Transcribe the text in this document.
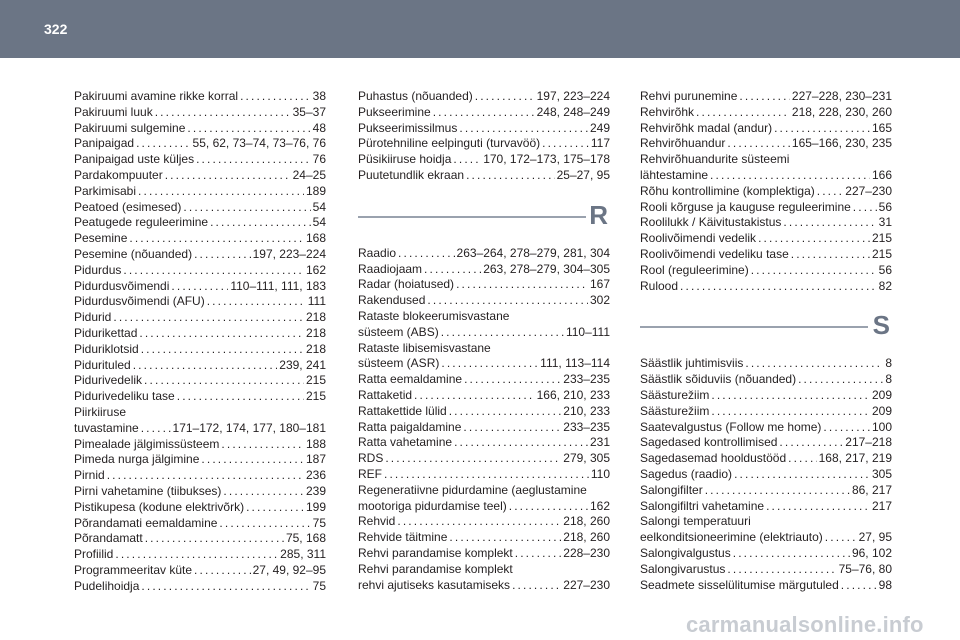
322
Pakiruumi avamine rikke korral . . .	38
Pakiruumi luuk . . .	35–37
Pakiruumi sulgemine . . .	48
Panipaigad . . .	55, 62, 73–74, 73–76, 76
Panipaigad uste küljes . . .	76
Pardakompuuter . . .	24–25
Parkimisabi . . .	189
Peatoed (esimesed) . . .	54
Peatugede reguleerimine . . .	54
Pesemine . . .	168
Pesemine (nõuanded) . . .	197, 223–224
Pidurdus . . .	162
Pidurdusvõimendi . . .	110–111, 111, 183
Pidurdusvõimendi (AFU) . . .	111
Pidurid . . .	218
Pidurikettad . . .	218
Piduriklotsid . . .	218
Pidurituled . . .	239, 241
Pidurivedelik . . .	215
Pidurivedeliku tase . . .	215
Piirkiiruse
tuvastamine . . .	171–172, 174, 177, 180–181
Pimealade jälgimissüsteem . . .	188
Pimeda nurga jälgimine . . .	187
Pirnid . . .	236
Pirni vahetamine (tiibukses) . . .	239
Pistikupesa (kodune elektrivõrk) . . .	199
Põrandamati eemaldamine . . .	75
Põrandamatt . . .	75, 168
Profiilid . . .	285, 311
Programmeeritav küte . . .	27, 49, 92–95
Pudelihoidja . . .	75
Puhastus (nõuanded) . . .	197, 223–224
Pukseerimine . . .	248, 248–249
Pukseerimissilmus . . .	249
Pürotehniline eelpinguti (turvavöö) . . .	117
Püsikiiruse hoidja . . .	170, 172–173, 175–178
Puutetundlik ekraan . . .	25–27, 95
R
Raadio . . .	263–264, 278–279, 281, 304
Raadiojaam . . .	263, 278–279, 304–305
Radar (hoiatused) . . .	167
Rakendused . . .	302
Rataste blokeerumisvastane
süsteem (ABS) . . .	110–111
Rataste libisemisvastane
süsteem (ASR) . . .	111, 113–114
Ratta eemaldamine . . .	233–235
Rattaketid . . .	166, 210, 233
Rattakettide lülid . . .	210, 233
Ratta paigaldamine . . .	233–235
Ratta vahetamine . . .	231
RDS . . .	279, 305
REF . . .	110
Regeneratiivne pidurdamine (aeglustamine
mootoriga pidurdamise teel) . . .	162
Rehvid . . .	218, 260
Rehvide täitmine . . .	218, 260
Rehvi parandamise komplekt . . .	228–230
Rehvi parandamise komplekt
rehvi ajutiseks kasutamiseks . . .	227–230
Rehvi purunemine . . .	227–228, 230–231
Rehvirõhk . . .	218, 228, 230, 260
Rehvirõhk madal (andur) . . .	165
Rehvirõhuandur . . .	165–166, 230, 235
Rehvirõhuandurite süsteemi
lähtestamine . . .	166
Rõhu kontrollimine (komplektiga) . . .	227–230
Rooli kõrguse ja kauguse reguleerimine . . . 56
Roolilukk / Käivitustakistus . . .	31
Roolivõimendi vedelik . . .	215
Roolivõimendi vedeliku tase . . .	215
Rool (reguleerimine) . . .	56
Rulood . . .	82
S
Säästlik juhtimisviis . . .	8
Säästlik sõiduviis (nõuanded) . . .	8
Säästurežiim . . .	209
Säästurežiim . . .	209
Saatevalgustus (Follow me home) . . .	100
Sagedased kontrollimised . . .	217–218
Sagedasemad hooldustööd . . .	168, 217, 219
Sagedus (raadio) . . .	305
Salongifilter . . .	86, 217
Salongifiltri vahetamine . . .	217
Salongi temperatuuri
eelkonditsioneerimine (elektriauto) . . .	27, 95
Salongivalgustus . . .	96, 102
Salongivarustus . . .	75–76, 80
Seadmete sisselülitumise märgutuled . . .	98
carmanualsonline.info
